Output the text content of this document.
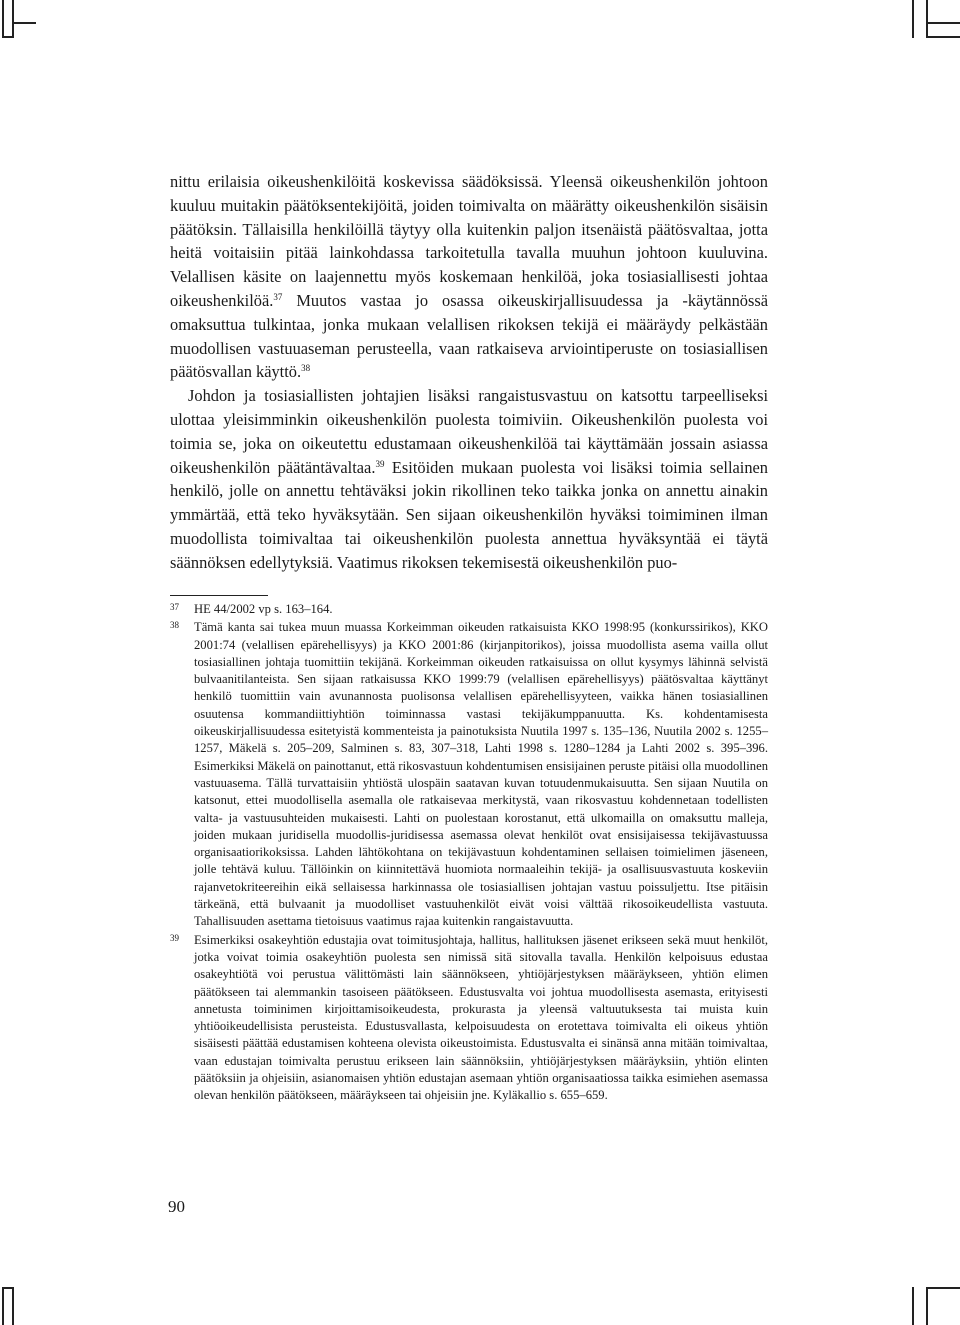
nittu erilaisia oikeushenkilöitä koskevissa säädöksissä. Yleensä oikeushenkilön johtoon kuuluu muitakin päätöksentekijöitä, joiden toimivalta on määrätty oikeushenkilön sisäisin päätöksin. Tällaisilla henkilöillä täytyy olla kuitenkin paljon itsenäistä päätösvaltaa, jotta heitä voitaisiin pitää lainkohdassa tarkoitetulla tavalla muuhun johtoon kuuluvina. Velallisen käsite on laajennettu myös koskemaan henkilöä, joka tosiasiallisesti johtaa oikeushenkilöä.$^{37}$ Muutos vastaa jo osassa oikeuskirjallisuudessa ja -käytännössä omaksuttua tulkintaa, jonka mukaan velallisen rikoksen tekijä ei määräydy pelkästään muodollisen vastuuaseman perusteella, vaan ratkaiseva arviointiperuste on tosiasiallisen päätösvallan käyttö.$^{38}$

Johdon ja tosiasiallisten johtajien lisäksi rangaistusvastuu on katsottu tarpeelliseksi ulottaa yleisimminkin oikeushenkilön puolesta toimiviin. Oikeushenkilön puolesta voi toimia se, joka on oikeutettu edustamaan oikeushenkilöä tai käyttämään jossain asiassa oikeushenkilön päätäntävaltaa.$^{39}$ Esitöiden mukaan puolesta voi lisäksi toimia sellainen henkilö, jolle on annettu tehtäväksi jokin rikollinen teko taikka jonka on annettu ainakin ymmärtää, että teko hyväksytään. Sen sijaan oikeushenkilön hyväksi toimiminen ilman muodollista toimivaltaa tai oikeushenkilön puolesta annettua hyväksyntää ei täytä säännöksen edellytyksiä. Vaatimus rikoksen tekemisestä oikeushenkilön puo-

37 HE 44/2002 vp s. 163–164.
38 Tämä kanta sai tukea muun muassa Korkeimman oikeuden ratkaisuista KKO 1998:95 (konkurssirikos), KKO 2001:74 (velallisen epärehellisyys) ja KKO 2001:86 (kirjanpitorikos), joissa muodollista asema vailla ollut tosiasiallinen johtaja tuomittiin tekijänä. Korkeimman oikeuden ratkaisuissa on ollut kysymys lähinnä selvistä bulvaanitilanteista. Sen sijaan ratkaisussa KKO 1999:79 (velallisen epärehellisyys) päätösvaltaa käyttänyt henkilö tuomittiin vain avunannosta puolisonsa velallisen epärehellisyyteen, vaikka hänen tosiasiallinen osuutensa kommandiittiyhtiön toiminnassa vastasi tekijäkumppanuutta. Ks. kohdentamisesta oikeuskirjallisuudessa esitetyistä kommenteista ja painotuksista Nuutila 1997 s. 135–136, Nuutila 2002 s. 1255–1257, Mäkelä s. 205–209, Salminen s. 83, 307–318, Lahti 1998 s. 1280–1284 ja Lahti 2002 s. 395–396. Esimerkiksi Mäkelä on painottanut, että rikosvastuun kohdentumisen ensisijainen peruste pitäisi olla muodollinen vastuuasema. Tällä turvattaisiin yhtiöstä ulospäin saatavan kuvan totuudenmukaisuutta. Sen sijaan Nuutila on katsonut, ettei muodollisella asemalla ole ratkaisevaa merkitystä, vaan rikosvastuu kohdennetaan todellisten valta- ja vastuusuhteiden mukaisesti. Lahti on puolestaan korostanut, että ulkomailla on omaksuttu malleja, joiden mukaan juridisella muodollis-juridisessa asemassa olevat henkilöt ovat ensisijaisessa tekijävastuussa organisaatiorikoksissa. Lahden lähtökohtana on tekijävastuun kohdentaminen sellaisen toimielimen jäseneen, jolle tehtävä kuluu. Tällöinkin on kiinnitettävä huomiota normaaleihin tekijä- ja osallisuusvastuuta koskeviin rajanvetokriteereihin eikä sellaisessa harkinnassa ole tosiasiallisen johtajan vastuu poissuljettu. Itse pitäisin tärkeänä, että bulvaanit ja muodolliset vastuuhenkilöt eivät voisi välttää rikosoikeudellista vastuuta. Tahallisuuden asettama tietoisuus vaatimus rajaa kuitenkin rangaistavuutta.
39 Esimerkiksi osakeyhtiön edustajia ovat toimitusjohtaja, hallitus, hallituksen jäsenet erikseen sekä muut henkilöt, jotka voivat toimia osakeyhtiön puolesta sen nimissä sitä sitovalla tavalla. Henkilön kelpoisuus edustaa osakeyhtiötä voi perustua välittömästi lain säännökseen, yhtiöjärjestyksen määräykseen, yhtiön elimen päätökseen tai alemmankin tasoiseen päätökseen. Edustusvalta voi johtua muodollisesta asemasta, erityisesti annetusta toiminimen kirjoittamisoikeudesta, prokurasta ja yleensä valtuutuksesta tai muista kuin yhtiöoikeudellisista perusteista. Edustusvallasta, kelpoisuudesta on erotettava toimivalta eli oikeus yhtiön sisäisesti päättää edustamisen kohteena olevista oikeustoimista. Edustusvalta ei sinänsä anna mitään toimivaltaa, vaan edustajan toimivalta perustuu erikseen lain säännöksiin, yhtiöjärjestyksen määräyksiin, yhtiön elinten päätöksiin ja ohjeisiin, asianomaisen yhtiön edustajan asemaan yhtiön organisaatiossa taikka esimiehen asemassa olevan henkilön päätökseen, määräykseen tai ohjeisiin jne. Kyläkallio s. 655–659.
90
